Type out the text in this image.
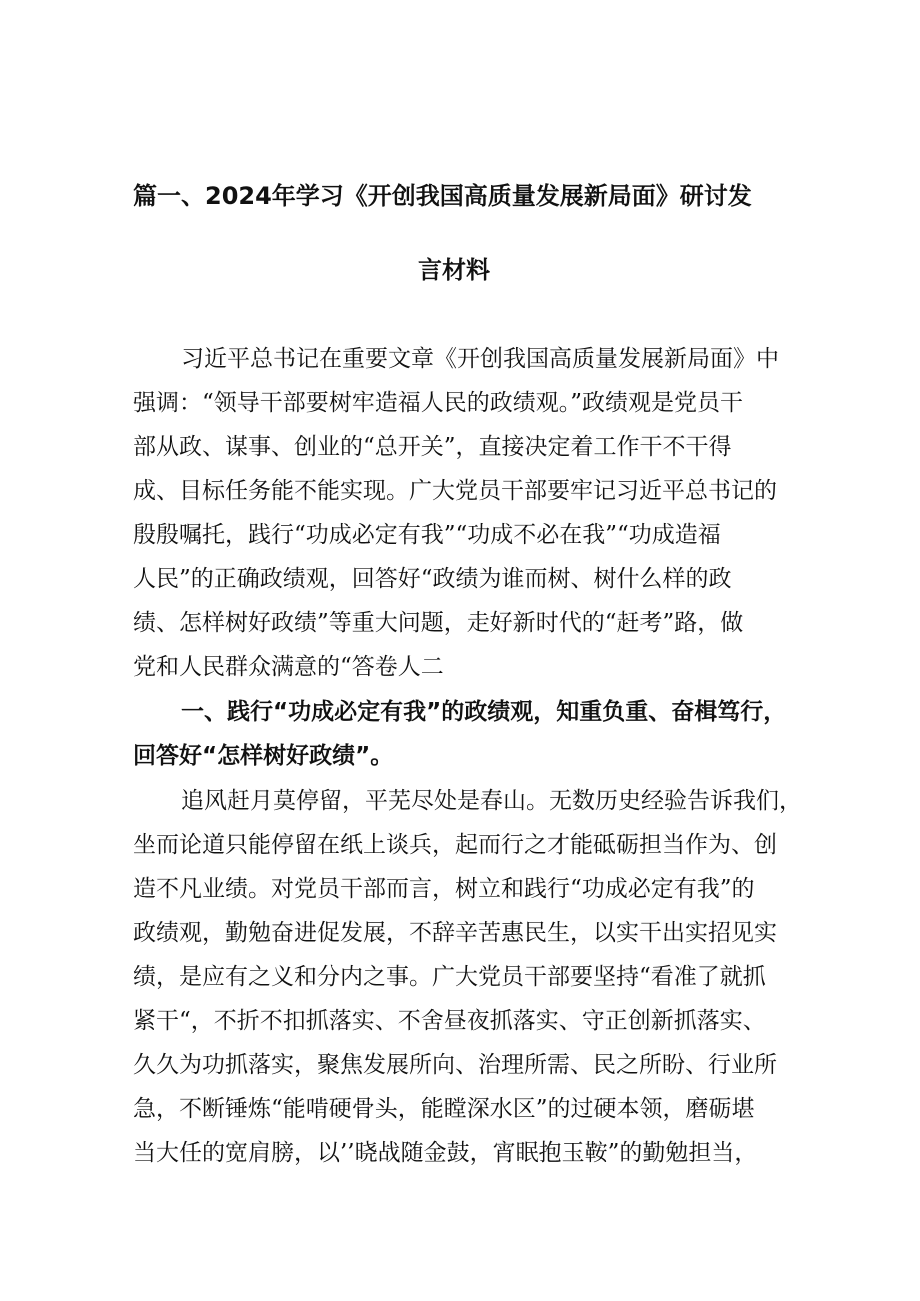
篇一、2024年学习《开创我国高质量发展新局面》研讨发
言材料
习近平总书记在重要文章《开创我国高质量发展新局面》中
强调：“领导干部要树牢造福人民的政绩观。”政绩观是党员干
部从政、谋事、创业的“总开关”，直接决定着工作干不干得
成、目标任务能不能实现。广大党员干部要牢记习近平总书记的
殷殷嘱托，践行“功成必定有我”“功成不必在我”“功成造福
人民”的正确政绩观，回答好“政绩为谁而树、树什么样的政
绩、怎样树好政绩”等重大问题，走好新时代的“赶考”路，做
党和人民群众满意的“答卷人二
一、践行“功成必定有我”的政绩观，知重负重、奋楫笃行，
回答好“怎样树好政绩”。
追风赶月莫停留，平芜尽处是春山。无数历史经验告诉我们，
坐而论道只能停留在纸上谈兵，起而行之才能砥砺担当作为、创
造不凡业绩。对党员干部而言，树立和践行“功成必定有我”的
政绩观，勤勉奋进促发展，不辞辛苦惠民生，以实干出实招见实
绩，是应有之义和分内之事。广大党员干部要坚持“看准了就抓
紧干“，不折不扣抓落实、不舍昼夜抓落实、守正创新抓落实、
久久为功抓落实，聚焦发展所向、治理所需、民之所盼、行业所
急，不断锤炼“能啃硬骨头，能瞠深水区”的过硬本领，磨砺堪
当大任的宽肩膀，以’’晓战随金鼓，宵眠抱玉鞍”的勤勉担当，
